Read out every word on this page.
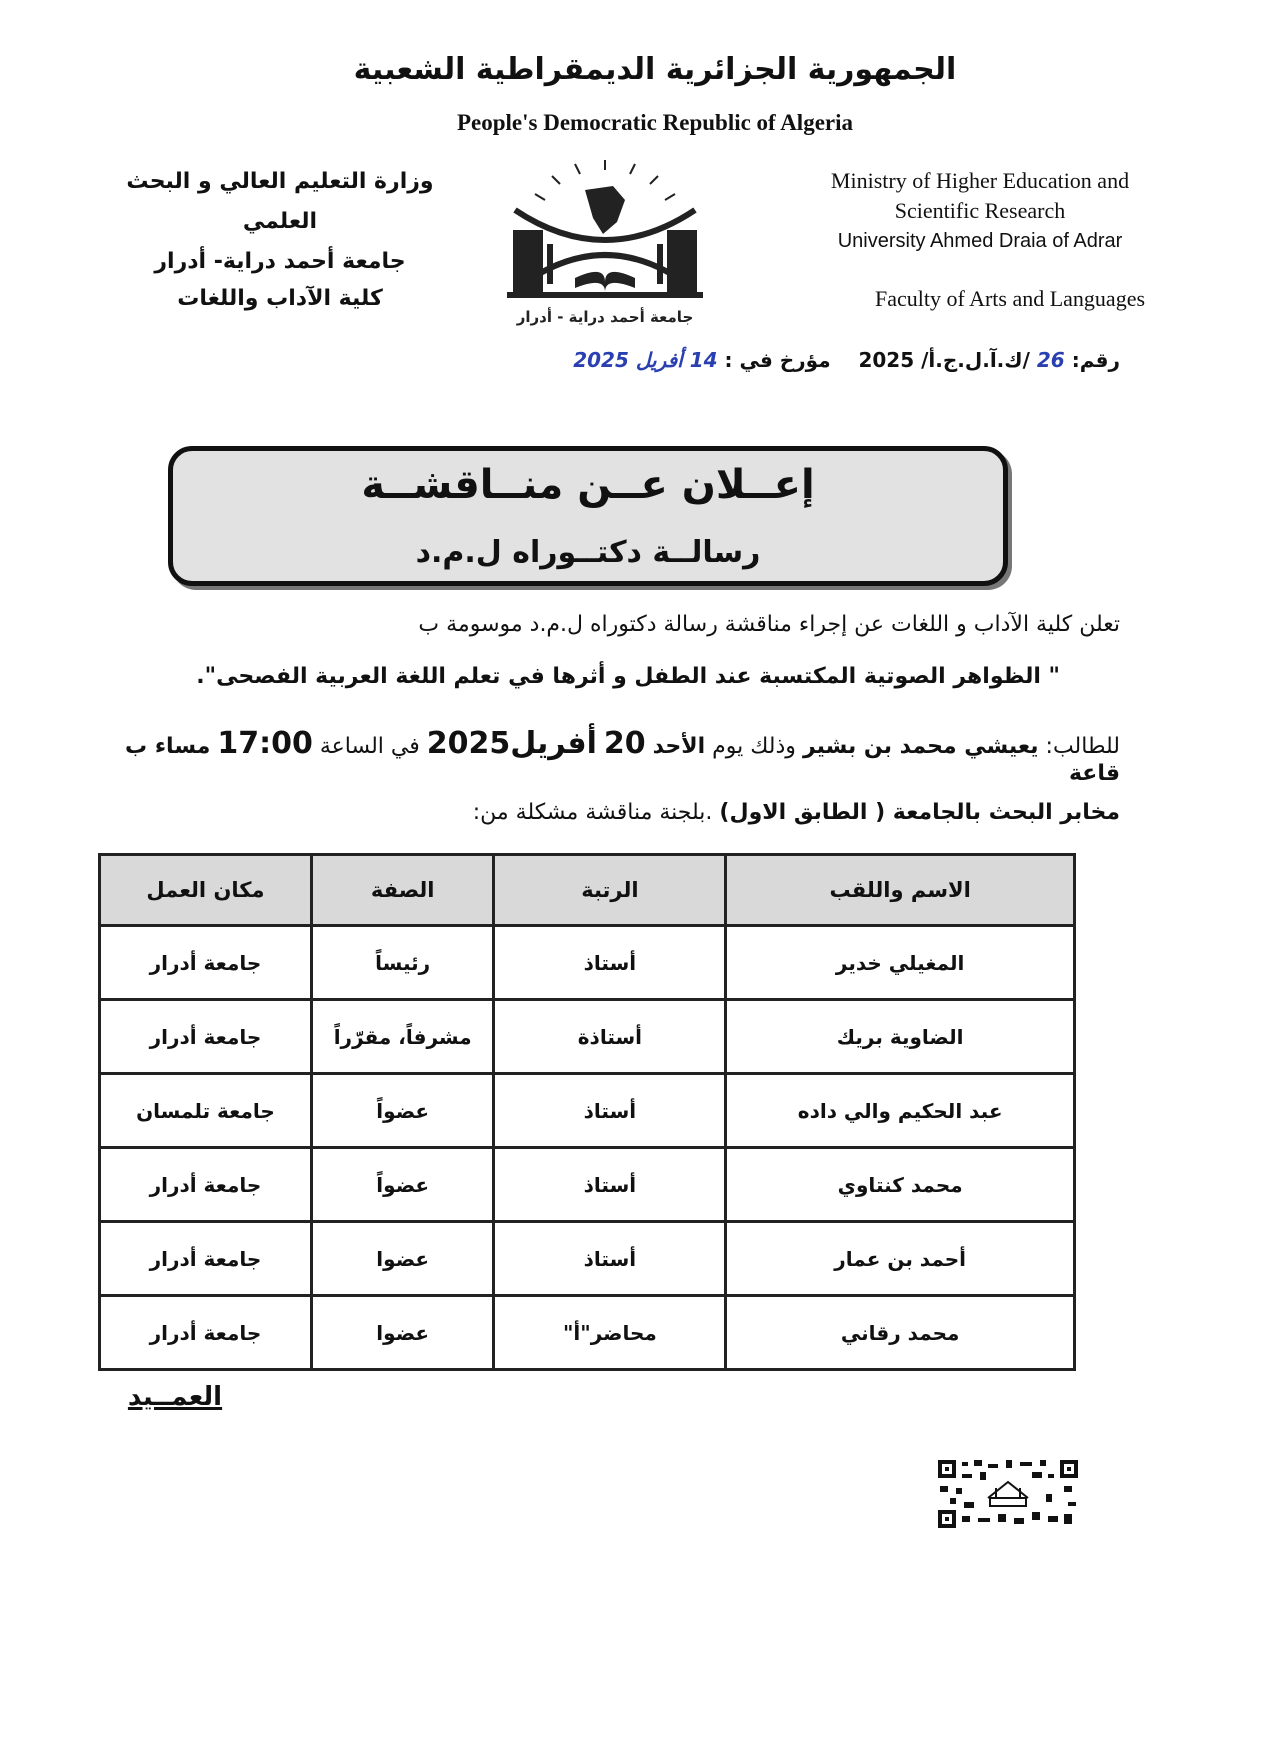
الجمهورية الجزائرية الديمقراطية الشعبية
People's Democratic Republic of Algeria
وزارة التعليم العالي و البحث العلمي
جامعة أحمد دراية- أدرار
كلية الآداب واللغات
جامعة أحمد دراية - أدرار
Ministry of Higher Education and
Scientific Research
University Ahmed Draia of Adrar
Faculty of Arts and Languages
رقم: 26 /ك.آ.ل.ج.أ/ 2025    مؤرخ في : 14 أفريل 2025
إعــلان عــن منــاقشــة
رسالــة دكتــوراه ل.م.د
تعلن كلية الآداب و اللغات عن إجراء مناقشة رسالة دكتوراه ل.م.د موسومة ب
" الظواهر الصوتية المكتسبة عند الطفل و أثرها في تعلم اللغة العربية الفصحى".
للطالب: يعيشي محمد بن بشير وذلك يوم الأحد 20 أفريل2025 في الساعة 17:00 مساء ب قاعة
مخابر البحث بالجامعة ( الطابق الاول) .بلجنة مناقشة مشكلة من:
الاسم واللقب	الرتبة	الصفة	مكان العمل
المغيلي خدير	أستاذ	رئيساً	جامعة أدرار
الضاوية بريك	أستاذة	مشرفاً، مقرّراً	جامعة أدرار
عبد الحكيم والي داده	أستاذ	عضواً	جامعة تلمسان
محمد كنتاوي	أستاذ	عضواً	جامعة أدرار
أحمد بن عمار	أستاذ	عضوا	جامعة أدرار
محمد رقاني	محاضر"أ"	عضوا	جامعة أدرار
العمــيد
